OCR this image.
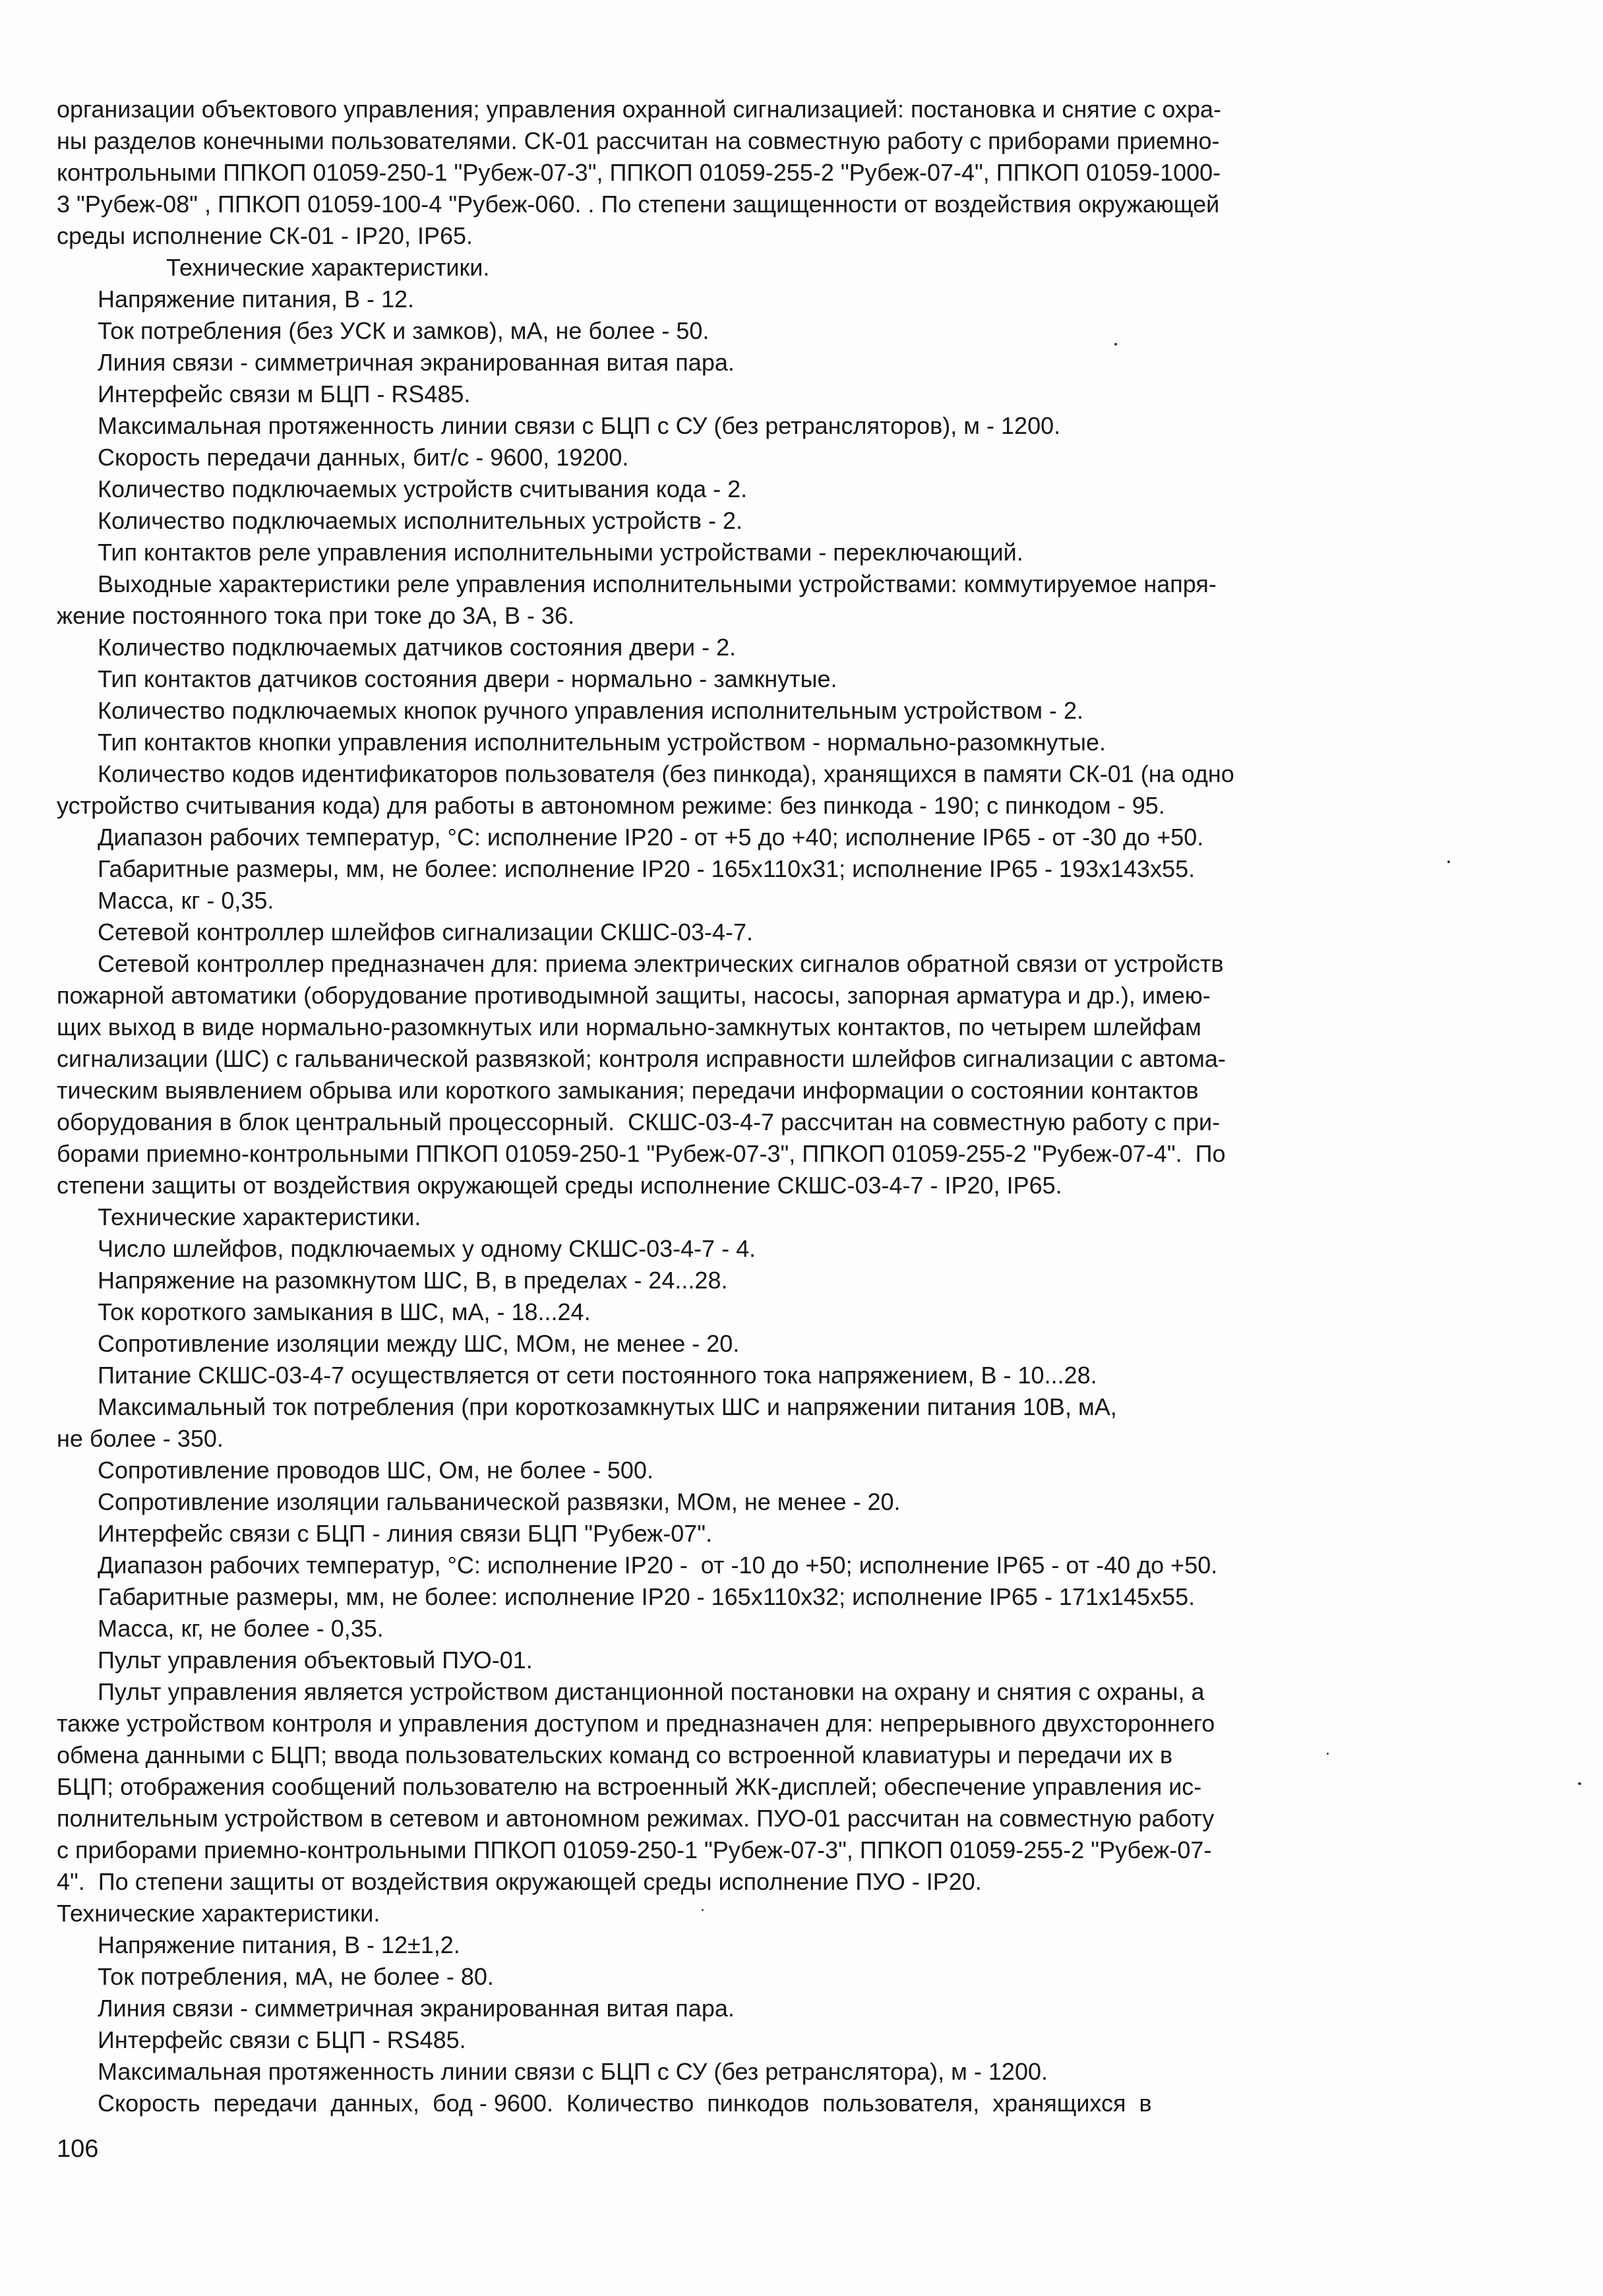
организации объектового управления; управления охранной сигнализацией: постановка и снятие с охра-
ны разделов конечными пользователями. СК-01 рассчитан на совместную работу с приборами приемно-
контрольными ППКОП 01059-250-1 "Рубеж-07-3", ППКОП 01059-255-2 "Рубеж-07-4", ППКОП 01059-1000-
3 "Рубеж-08" , ППКОП 01059-100-4 "Рубеж-060. . По степени защищенности от воздействия окружающей
среды исполнение СК-01 - IP20, IP65.
Технические характеристики.
Напряжение питания, В - 12.
Ток потребления (без УСК и замков), мА, не более - 50.
Линия связи - симметричная экранированная витая пара.
Интерфейс связи м БЦП - RS485.
Максимальная протяженность линии связи с БЦП с СУ (без ретрансляторов), м - 1200.
Скорость передачи данных, бит/с - 9600, 19200.
Количество подключаемых устройств считывания кода - 2.
Количество подключаемых исполнительных устройств - 2.
Тип контактов реле управления исполнительными устройствами - переключающий.
Выходные характеристики реле управления исполнительными устройствами: коммутируемое напря-
жение постоянного тока при токе до 3А, В - 36.
Количество подключаемых датчиков состояния двери - 2.
Тип контактов датчиков состояния двери - нормально - замкнутые.
Количество подключаемых кнопок ручного управления исполнительным устройством - 2.
Тип контактов кнопки управления исполнительным устройством - нормально-разомкнутые.
Количество кодов идентификаторов пользователя (без пинкода), хранящихся в памяти СК-01 (на одно
устройство считывания кода) для работы в автономном режиме: без пинкода - 190; с пинкодом - 95.
Диапазон рабочих температур, °С: исполнение IP20 - от +5 до +40; исполнение IP65 - от -30 до +50.
Габаритные размеры, мм, не более: исполнение IP20 - 165x110x31; исполнение IP65 - 193x143x55.
Масса, кг - 0,35.
Сетевой контроллер шлейфов сигнализации СКШС-03-4-7.
Сетевой контроллер предназначен для: приема электрических сигналов обратной связи от устройств
пожарной автоматики (оборудование противодымной защиты, насосы, запорная арматура и др.), имею-
щих выход в виде нормально-разомкнутых или нормально-замкнутых контактов, по четырем шлейфам
сигнализации (ШС) с гальванической развязкой; контроля исправности шлейфов сигнализации с автома-
тическим выявлением обрыва или короткого замыкания; передачи информации о состоянии контактов
оборудования в блок центральный процессорный.  СКШС-03-4-7 рассчитан на совместную работу с при-
борами приемно-контрольными ППКОП 01059-250-1 "Рубеж-07-3", ППКОП 01059-255-2 "Рубеж-07-4".  По
степени защиты от воздействия окружающей среды исполнение СКШС-03-4-7 - IP20, IP65.
Технические характеристики.
Число шлейфов, подключаемых у одному СКШС-03-4-7 - 4.
Напряжение на разомкнутом ШС, В, в пределах - 24...28.
Ток короткого замыкания в ШС, мА, - 18...24.
Сопротивление изоляции между ШС, МОм, не менее - 20.
Питание СКШС-03-4-7 осуществляется от сети постоянного тока напряжением, В - 10...28.
Максимальный ток потребления (при короткозамкнутых ШС и напряжении питания 10В, мА,
не более - 350.
Сопротивление проводов ШС, Ом, не более - 500.
Сопротивление изоляции гальванической развязки, МОм, не менее - 20.
Интерфейс связи с БЦП - линия связи БЦП "Рубеж-07".
Диапазон рабочих температур, °С: исполнение IP20 -  от -10 до +50; исполнение IP65 - от -40 до +50.
Габаритные размеры, мм, не более: исполнение IP20 - 165x110x32; исполнение IP65 - 171x145x55.
Масса, кг, не более - 0,35.
Пульт управления объектовый ПУО-01.
Пульт управления является устройством дистанционной постановки на охрану и снятия с охраны, а
также устройством контроля и управления доступом и предназначен для: непрерывного двухстороннего
обмена данными с БЦП; ввода пользовательских команд со встроенной клавиатуры и передачи их в
БЦП; отображения сообщений пользователю на встроенный ЖК-дисплей; обеспечение управления ис-
полнительным устройством в сетевом и автономном режимах. ПУО-01 рассчитан на совместную работу
с приборами приемно-контрольными ППКОП 01059-250-1 "Рубеж-07-3", ППКОП 01059-255-2 "Рубеж-07-
4".  По степени защиты от воздействия окружающей среды исполнение ПУО - IP20.
Технические характеристики.
Напряжение питания, В - 12±1,2.
Ток потребления, мА, не более - 80.
Линия связи - симметричная экранированная витая пара.
Интерфейс связи с БЦП - RS485.
Максимальная протяженность линии связи с БЦП с СУ (без ретранслятора), м - 1200.
Скорость  передачи  данных,  бод - 9600.  Количество  пинкодов  пользователя,  хранящихся  в
106
